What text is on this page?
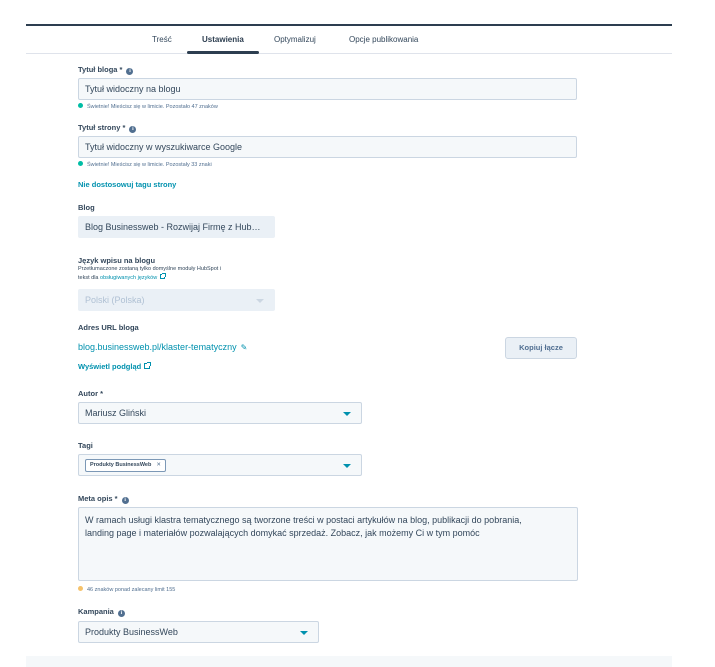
Treść	Ustawienia	Optymalizuj	Opcje publikowania
Tytuł bloga * i
Tytuł widoczny na blogu
Świetnie! Mieścisz się w limicie. Pozostało 47 znaków
Tytuł strony * i
Tytuł widoczny w wyszukiwarce Google
Świetnie! Mieścisz się w limicie. Pozostały 33 znaki
Nie dostosowuj tagu strony
Blog
Blog Businessweb - Rozwijaj Firmę z Hub…
Język wpisu na blogu
Przetłumaczone zostaną tylko domyślne moduły HubSpot i
tekst dla obsługiwanych języków
Polski (Polska)
Adres URL bloga
blog.businessweb.pl/klaster-tematyczny ✎	Kopiuj łącze
Wyświetl podgląd
Autor *
Mariusz Gliński
Tagi
Produkty BusinessWeb ✕
Meta opis * i
W ramach usługi klastra tematycznego są tworzone treści w postaci artykułów na blog, publikacji do pobrania,
landing page i materiałów pozwalających domykać sprzedaż. Zobacz, jak możemy Ci w tym pomóc
46 znaków ponad zalecany limit 155
Kampania i
Produkty BusinessWeb
